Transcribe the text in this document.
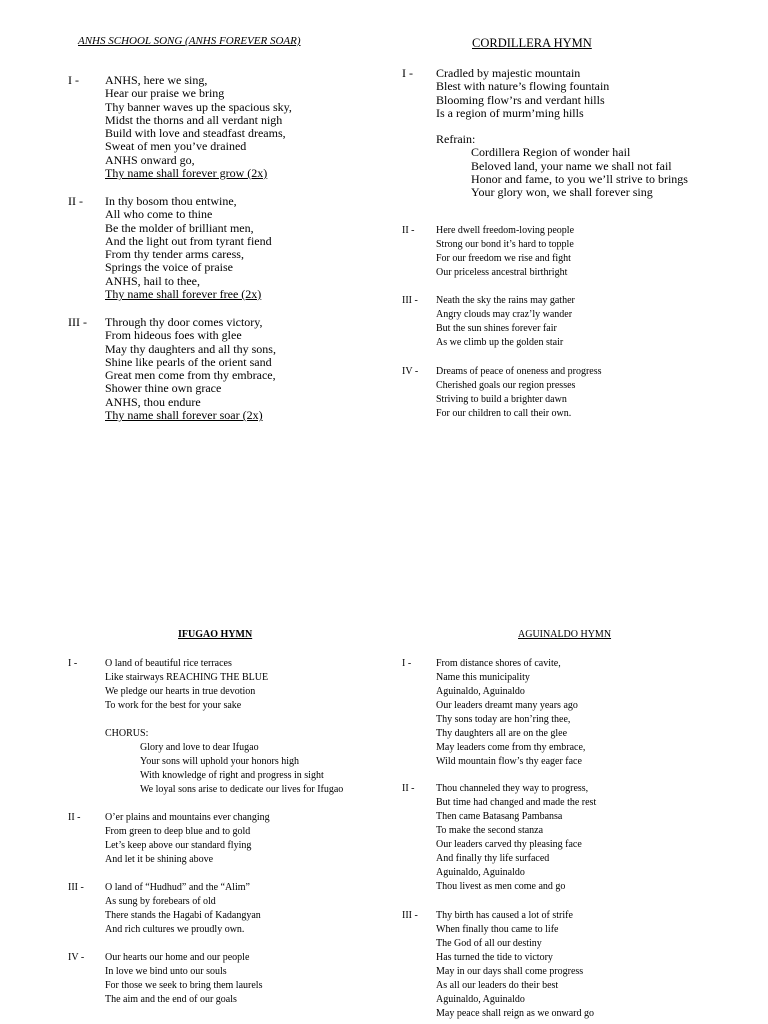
ANHS SCHOOL SONG (ANHS FOREVER SOAR)
I - ANHS, here we sing,
Hear our praise we bring
Thy banner waves up the spacious sky,
Midst the thorns and all verdant nigh
Build with love and steadfast dreams,
Sweat of men you’ve drained
ANHS onward go,
Thy name shall forever grow (2x)
II - In thy bosom thou entwine,
All who come to thine
Be the molder of brilliant men,
And the light out from tyrant fiend
From thy tender arms caress,
Springs the voice of praise
ANHS, hail to thee,
Thy name shall forever free (2x)
III - Through thy door comes victory,
From hideous foes with glee
May thy daughters and all thy sons,
Shine like pearls of the orient sand
Great men come from thy embrace,
Shower thine own grace
ANHS, thou endure
Thy name shall forever soar (2x)
CORDILLERA HYMN
I - Cradled by majestic mountain
Blest with nature’s flowing fountain
Blooming flow’rs and verdant hills
Is a region of murm’ming hills
Refrain:
Cordillera Region of wonder hail
Beloved land, your name we shall not fail
Honor and fame, to you we’ll strive to brings
Your glory won, we shall forever sing
II - Here dwell freedom-loving people
Strong our bond it’s hard to topple
For our freedom we rise and fight
Our priceless ancestral birthright
III - Neath the sky the rains may gather
Angry clouds may craz’ly wander
But the sun shines forever fair
As we climb up the golden stair
IV - Dreams of peace of oneness and progress
Cherished goals our region presses
Striving to build a brighter dawn
For our children to call their own.
IFUGAO HYMN
I -	O land of beautiful rice terraces
Like stairways REACHING THE BLUE
We pledge our hearts in true devotion
To work for the best for your sake
CHORUS:
Glory and love to dear Ifugao
Your sons will uphold your honors high
With knowledge of right and progress in sight
We loyal sons arise to dedicate our lives for Ifugao
II - O’er plains and mountains ever changing
From green to deep blue and to gold
Let’s keep above our standard flying
And let it be shining above
III - O land of “Hudhud” and the “Alim”
As sung by forebears of old
There stands the Hagabi of Kadangyan
And rich cultures we proudly own.
IV - Our hearts our home and our people
In love we bind unto our souls
For those we seek to bring them laurels
The aim and the end of our goals
AGUINALDO HYMN
I - From distance shores of cavite,
Name this municipality
Aguinaldo, Aguinaldo
Our leaders dreamt many years ago
Thy sons today are hon’ring thee,
Thy daughters all are on the glee
May leaders come from thy embrace,
Wild mountain flow’s thy eager face
II - Thou channeled they way to progress,
But time had changed and made the rest
Then came Batasang Pambansa
To make the second stanza
Our leaders carved thy pleasing face
And finally thy life surfaced
Aguinaldo, Aguinaldo
Thou livest as men come and go
III - Thy birth has caused a lot of strife
When finally thou came to life
The God of all our destiny
Has turned the tide to victory
May in our days shall come progress
As all our leaders do their best
Aguinaldo, Aguinaldo
May peace shall reign as we onward go
